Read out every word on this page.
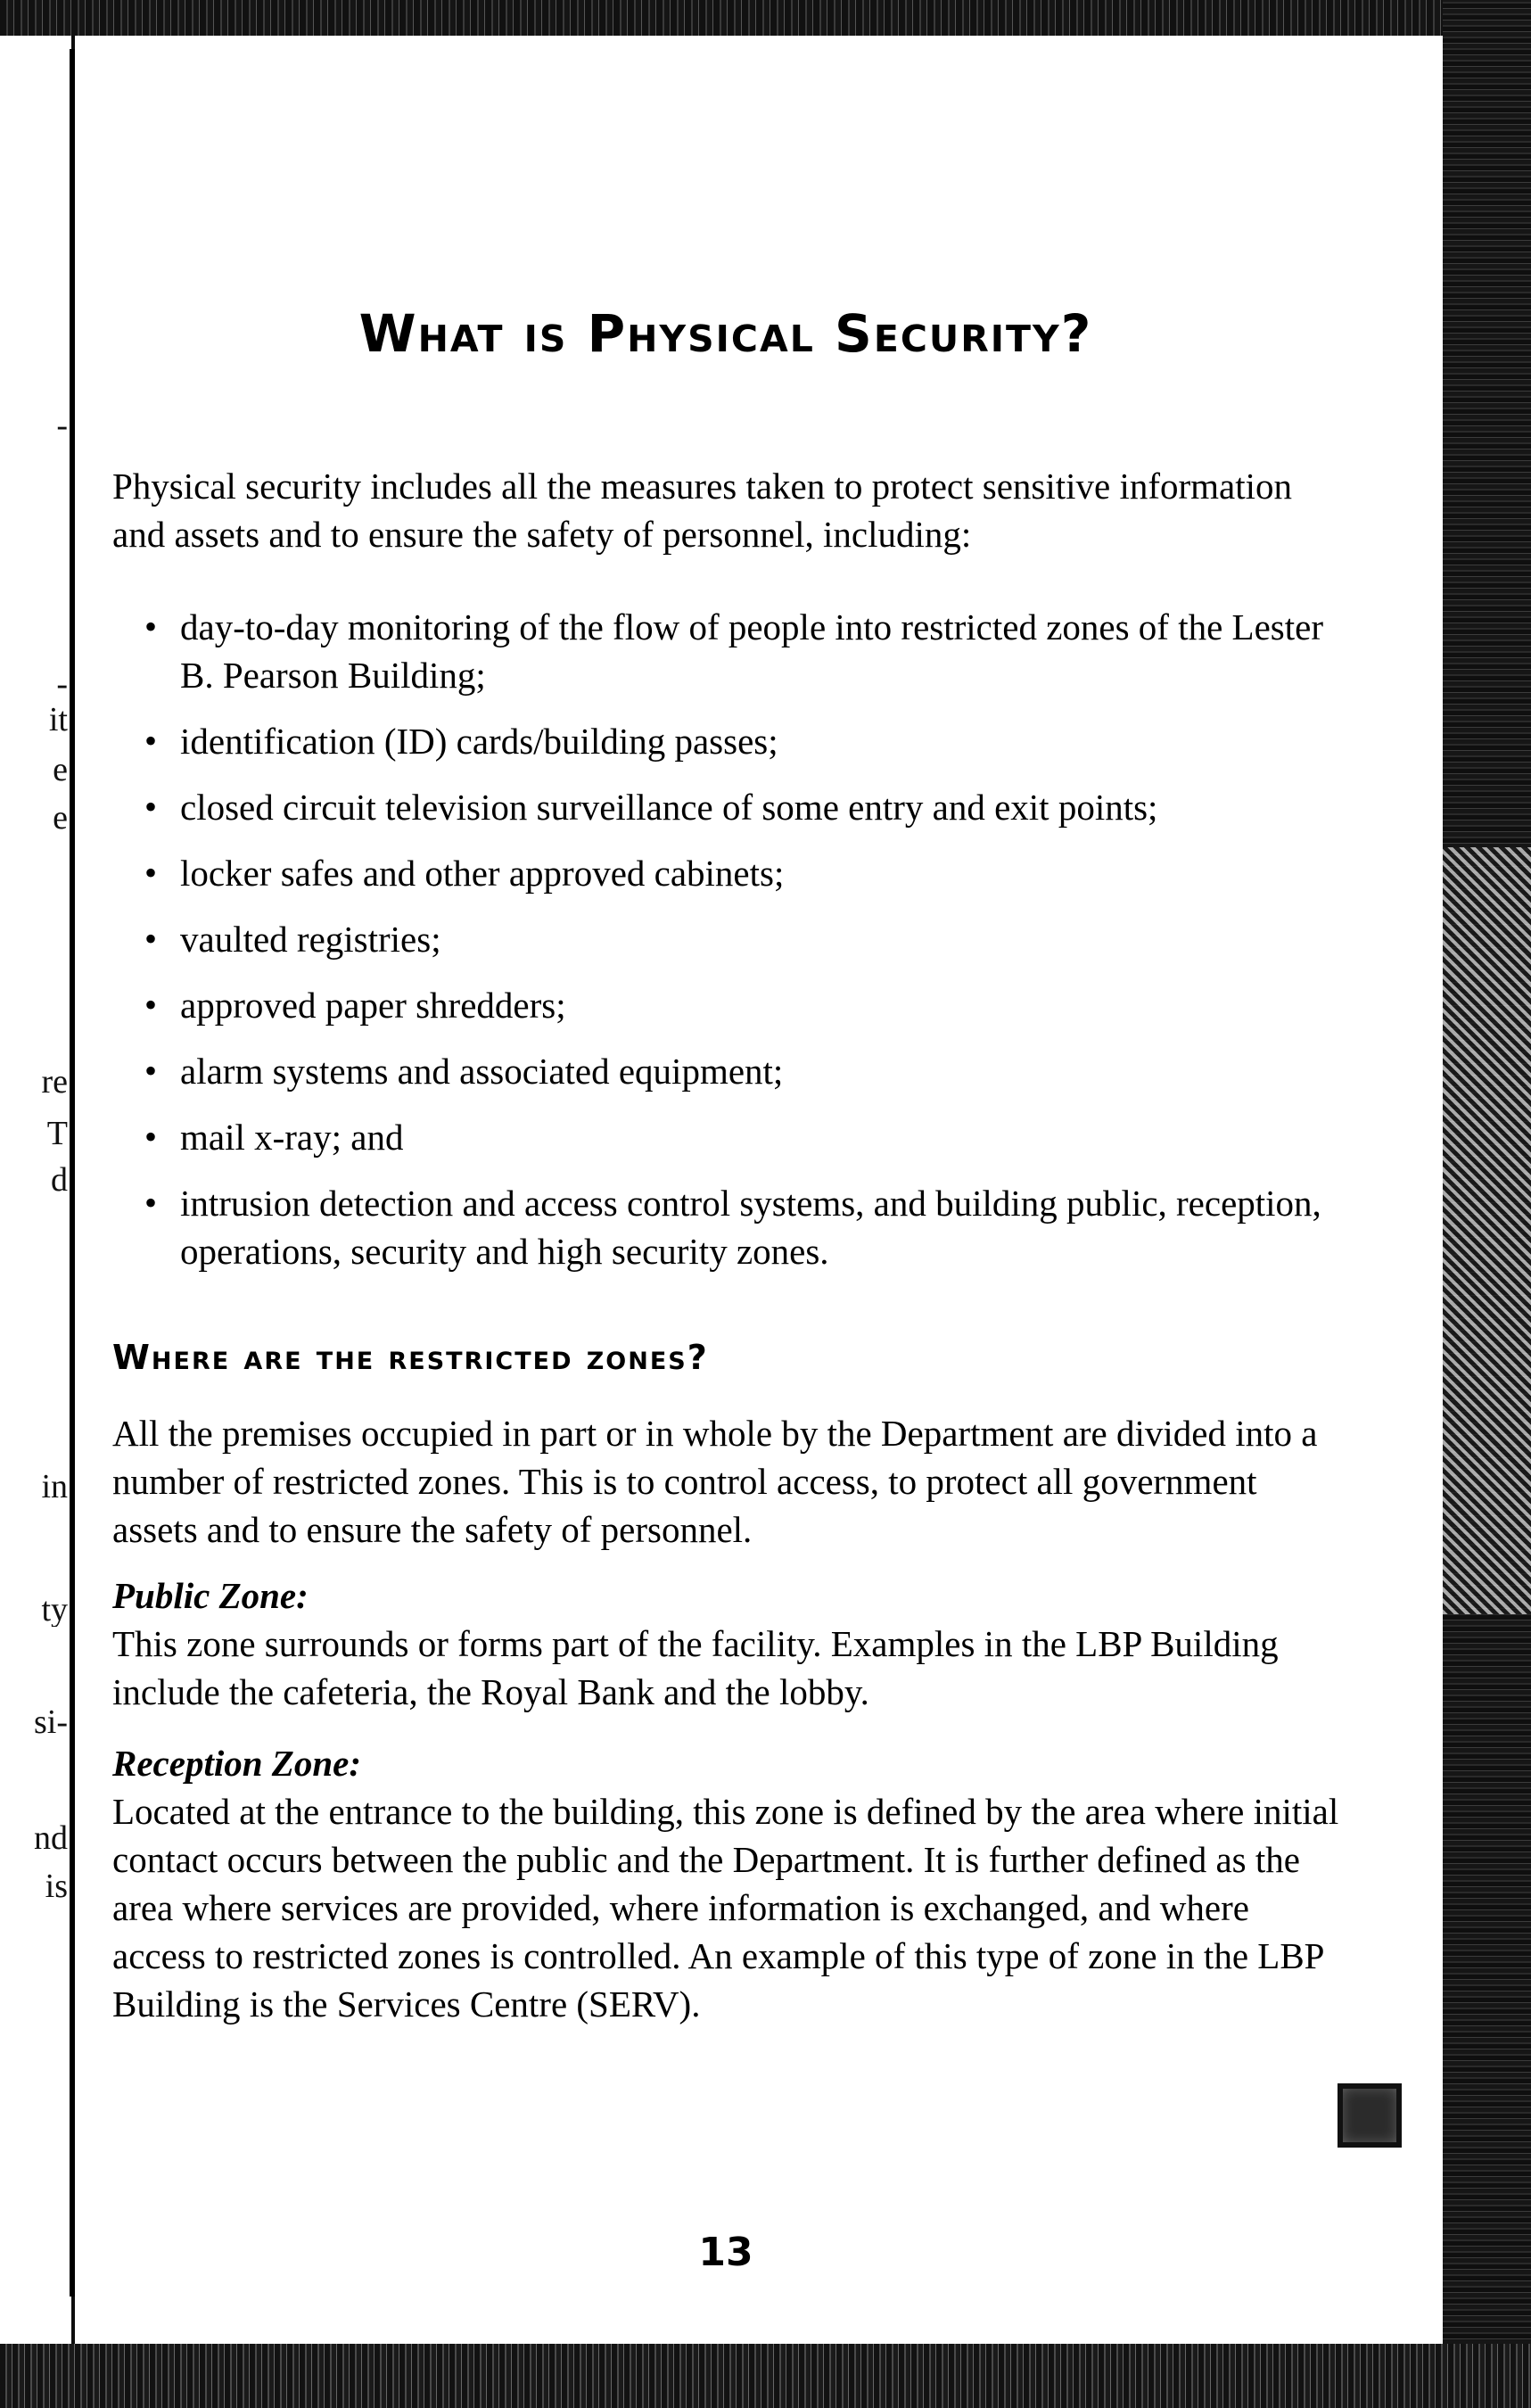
-
-
it
e
e
re
T
d
in
ty
si-
nd
is
What is Physical Security?

Physical security includes all the measures taken to protect sensitive information and assets and to ensure the safety of personnel, including:

• day-to-day monitoring of the flow of people into restricted zones of the Lester B. Pearson Building;
• identification (ID) cards/building passes;
• closed circuit television surveillance of some entry and exit points;
• locker safes and other approved cabinets;
• vaulted registries;
• approved paper shredders;
• alarm systems and associated equipment;
• mail x-ray; and
• intrusion detection and access control systems, and building public, reception, operations, security and high security zones.
Where are the restricted zones?

All the premises occupied in part or in whole by the Department are divided into a number of restricted zones. This is to control access, to protect all government assets and to ensure the safety of personnel.

Public Zone:

This zone surrounds or forms part of the facility. Examples in the LBP Building include the cafeteria, the Royal Bank and the lobby.

Reception Zone:

Located at the entrance to the building, this zone is defined by the area where initial contact occurs between the public and the Department. It is further defined as the area where services are provided, where information is exchanged, and where access to restricted zones is controlled. An example of this type of zone in the LBP Building is the Services Centre (SERV).

13
